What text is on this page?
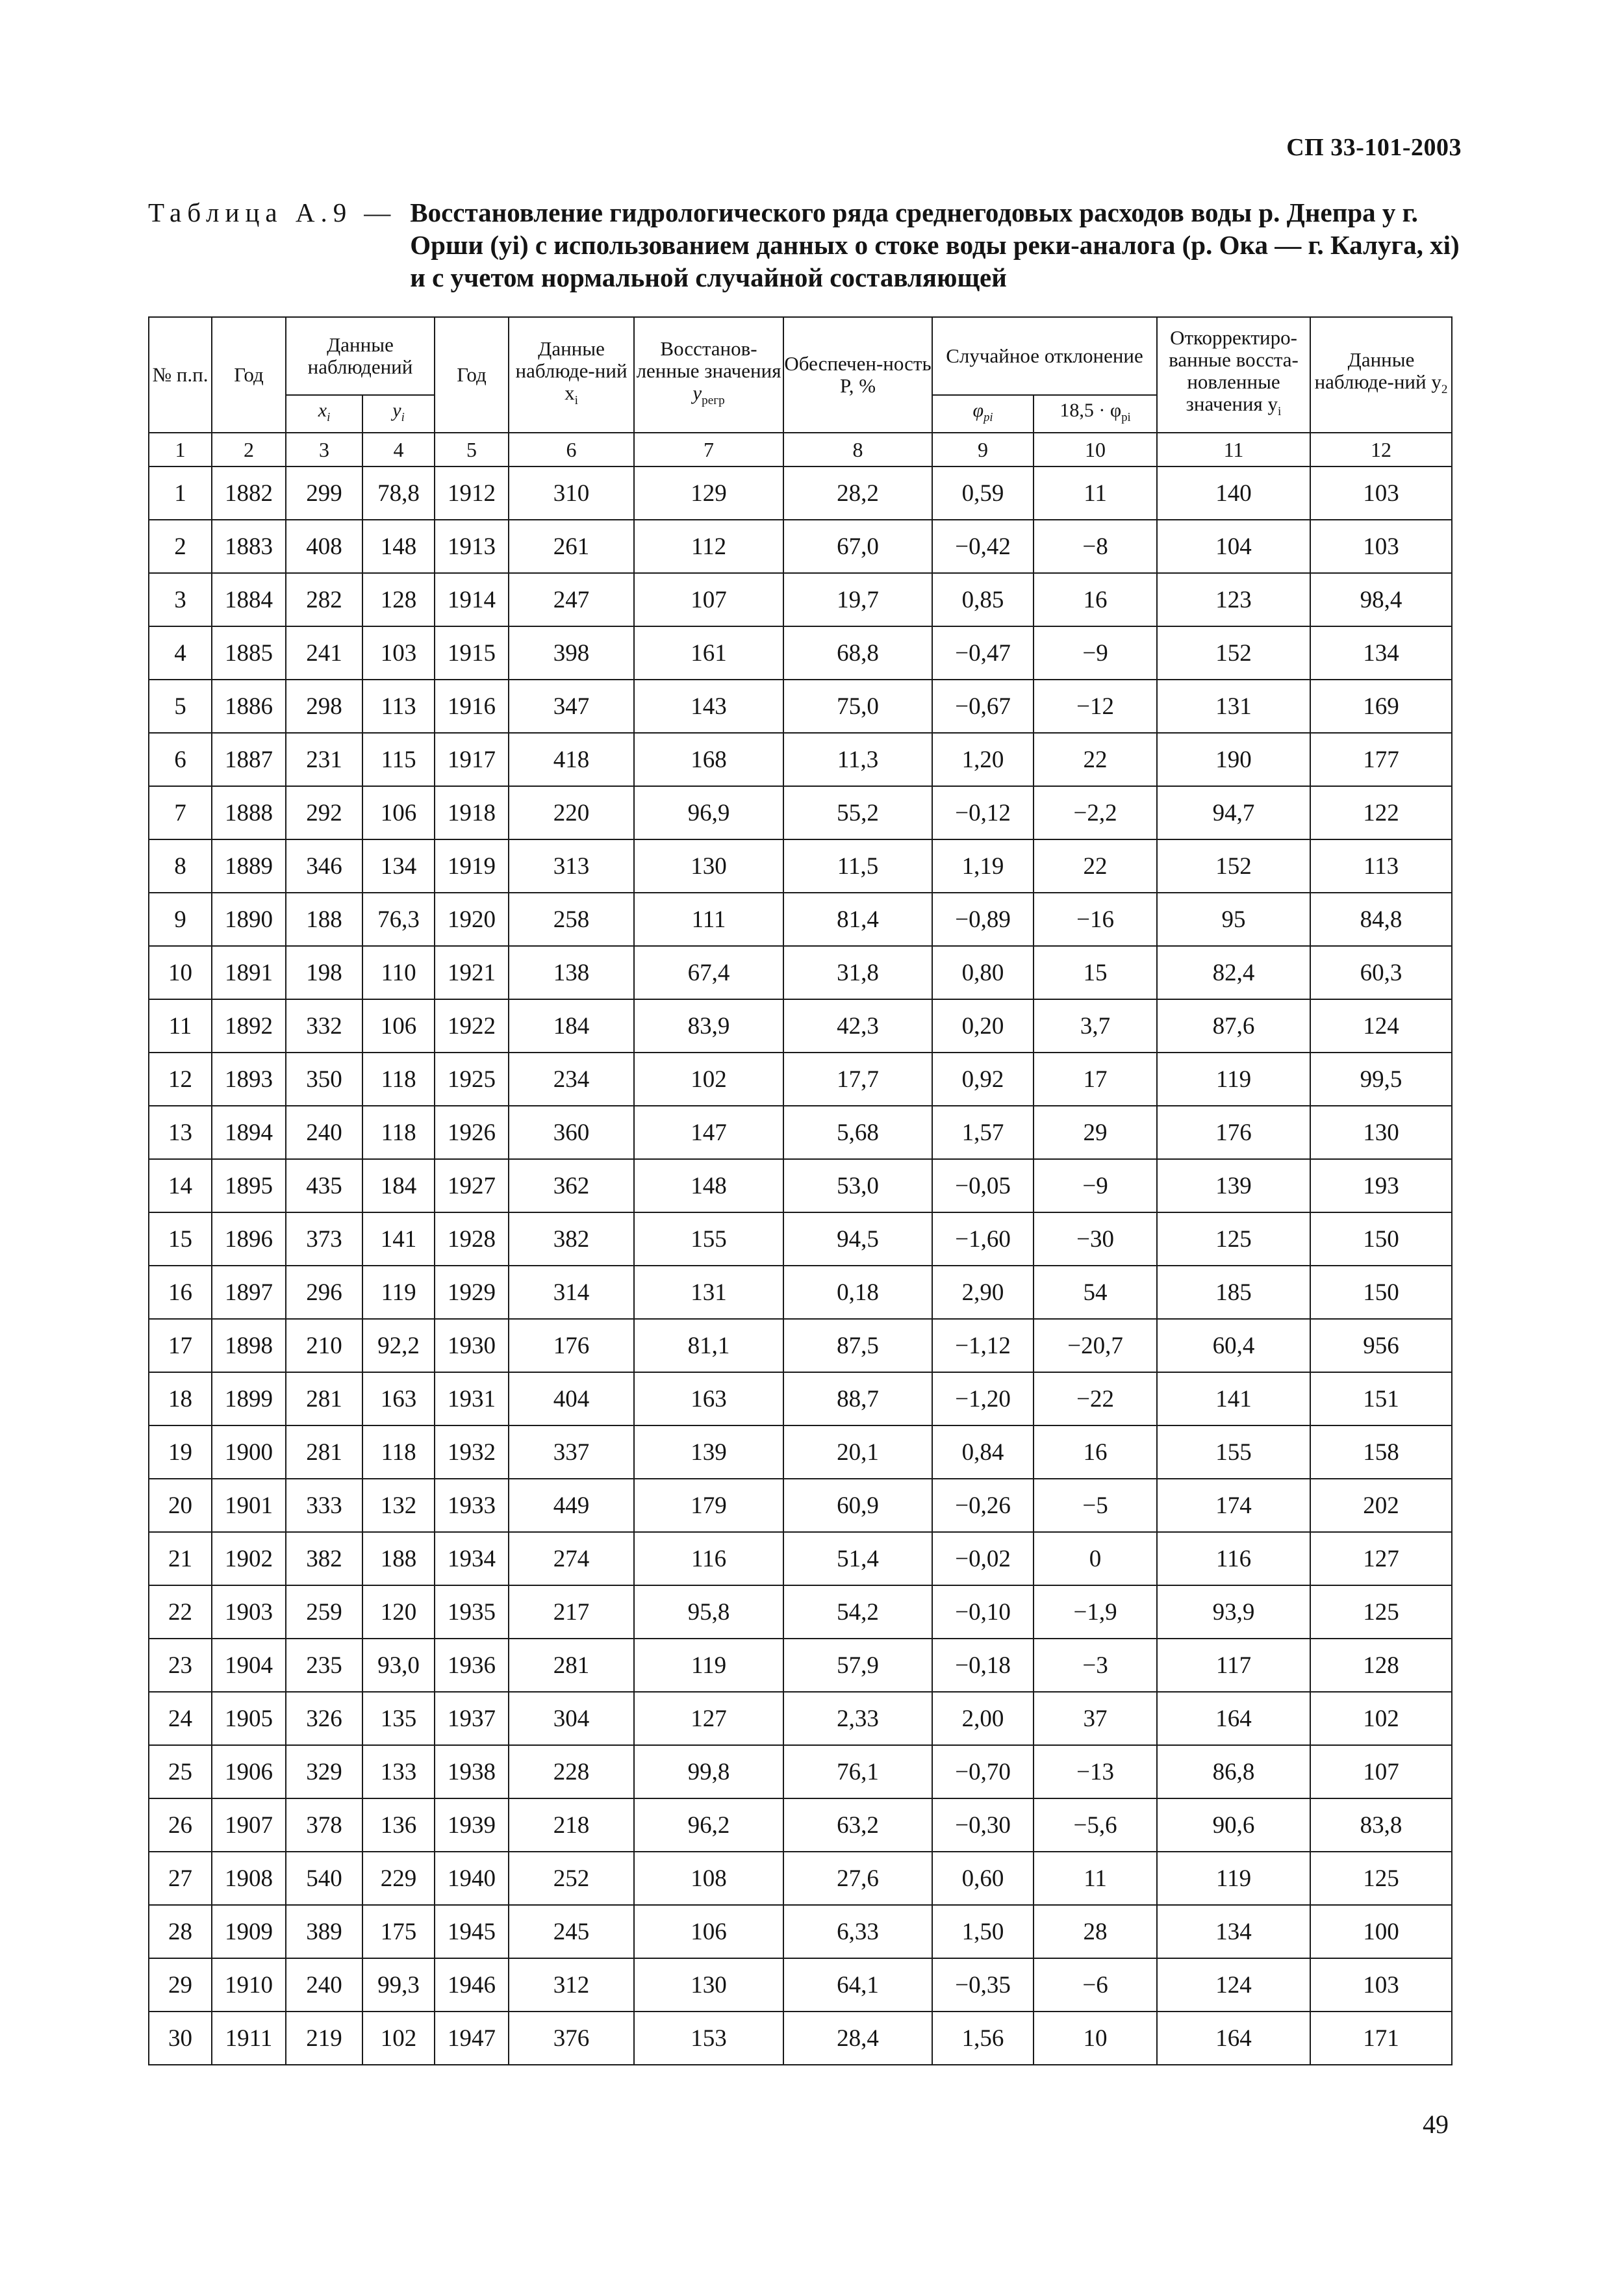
СП 33-101-2003
Таблица А.9 — Восстановление гидрологического ряда среднегодовых расходов воды р. Днепра у г. Орши (yi) с использованием данных о стоке воды реки-аналога (р. Ока — г. Калуга, xi) и с учетом нормальной случайной составляющей
№ п.п.	Год	Данные наблюдений		Год	Данные наблюде-ний $x_i$	Восстанов-ленные значения
$y_{регр}$	Обеспечен-ность P, %	Случайное отклонение		Откорректиро-ванные восста-новленные значения $y_i$	Данные наблюде-ний $y_2$
		$x_i$	$y_i$					$\varphi_{pi}$	$18,5 \cdot \varphi_{pi}$
1	2	3	4	5	6	7	8	9	10	11	12
1	1882	299	78,8	1912	310	129	28,2	0,59	11	140	103
2	1883	408	148	1913	261	112	67,0	−0,42	−8	104	103
3	1884	282	128	1914	247	107	19,7	0,85	16	123	98,4
4	1885	241	103	1915	398	161	68,8	−0,47	−9	152	134
5	1886	298	113	1916	347	143	75,0	−0,67	−12	131	169
6	1887	231	115	1917	418	168	11,3	1,20	22	190	177
7	1888	292	106	1918	220	96,9	55,2	−0,12	−2,2	94,7	122
8	1889	346	134	1919	313	130	11,5	1,19	22	152	113
9	1890	188	76,3	1920	258	111	81,4	−0,89	−16	95	84,8
10	1891	198	110	1921	138	67,4	31,8	0,80	15	82,4	60,3
11	1892	332	106	1922	184	83,9	42,3	0,20	3,7	87,6	124
12	1893	350	118	1925	234	102	17,7	0,92	17	119	99,5
13	1894	240	118	1926	360	147	5,68	1,57	29	176	130
14	1895	435	184	1927	362	148	53,0	−0,05	−9	139	193
15	1896	373	141	1928	382	155	94,5	−1,60	−30	125	150
16	1897	296	119	1929	314	131	0,18	2,90	54	185	150
17	1898	210	92,2	1930	176	81,1	87,5	−1,12	−20,7	60,4	956
18	1899	281	163	1931	404	163	88,7	−1,20	−22	141	151
19	1900	281	118	1932	337	139	20,1	0,84	16	155	158
20	1901	333	132	1933	449	179	60,9	−0,26	−5	174	202
21	1902	382	188	1934	274	116	51,4	−0,02	0	116	127
22	1903	259	120	1935	217	95,8	54,2	−0,10	−1,9	93,9	125
23	1904	235	93,0	1936	281	119	57,9	−0,18	−3	117	128
24	1905	326	135	1937	304	127	2,33	2,00	37	164	102
25	1906	329	133	1938	228	99,8	76,1	−0,70	−13	86,8	107
26	1907	378	136	1939	218	96,2	63,2	−0,30	−5,6	90,6	83,8
27	1908	540	229	1940	252	108	27,6	0,60	11	119	125
28	1909	389	175	1945	245	106	6,33	1,50	28	134	100
29	1910	240	99,3	1946	312	130	64,1	−0,35	−6	124	103
30	1911	219	102	1947	376	153	28,4	1,56	10	164	171
49
